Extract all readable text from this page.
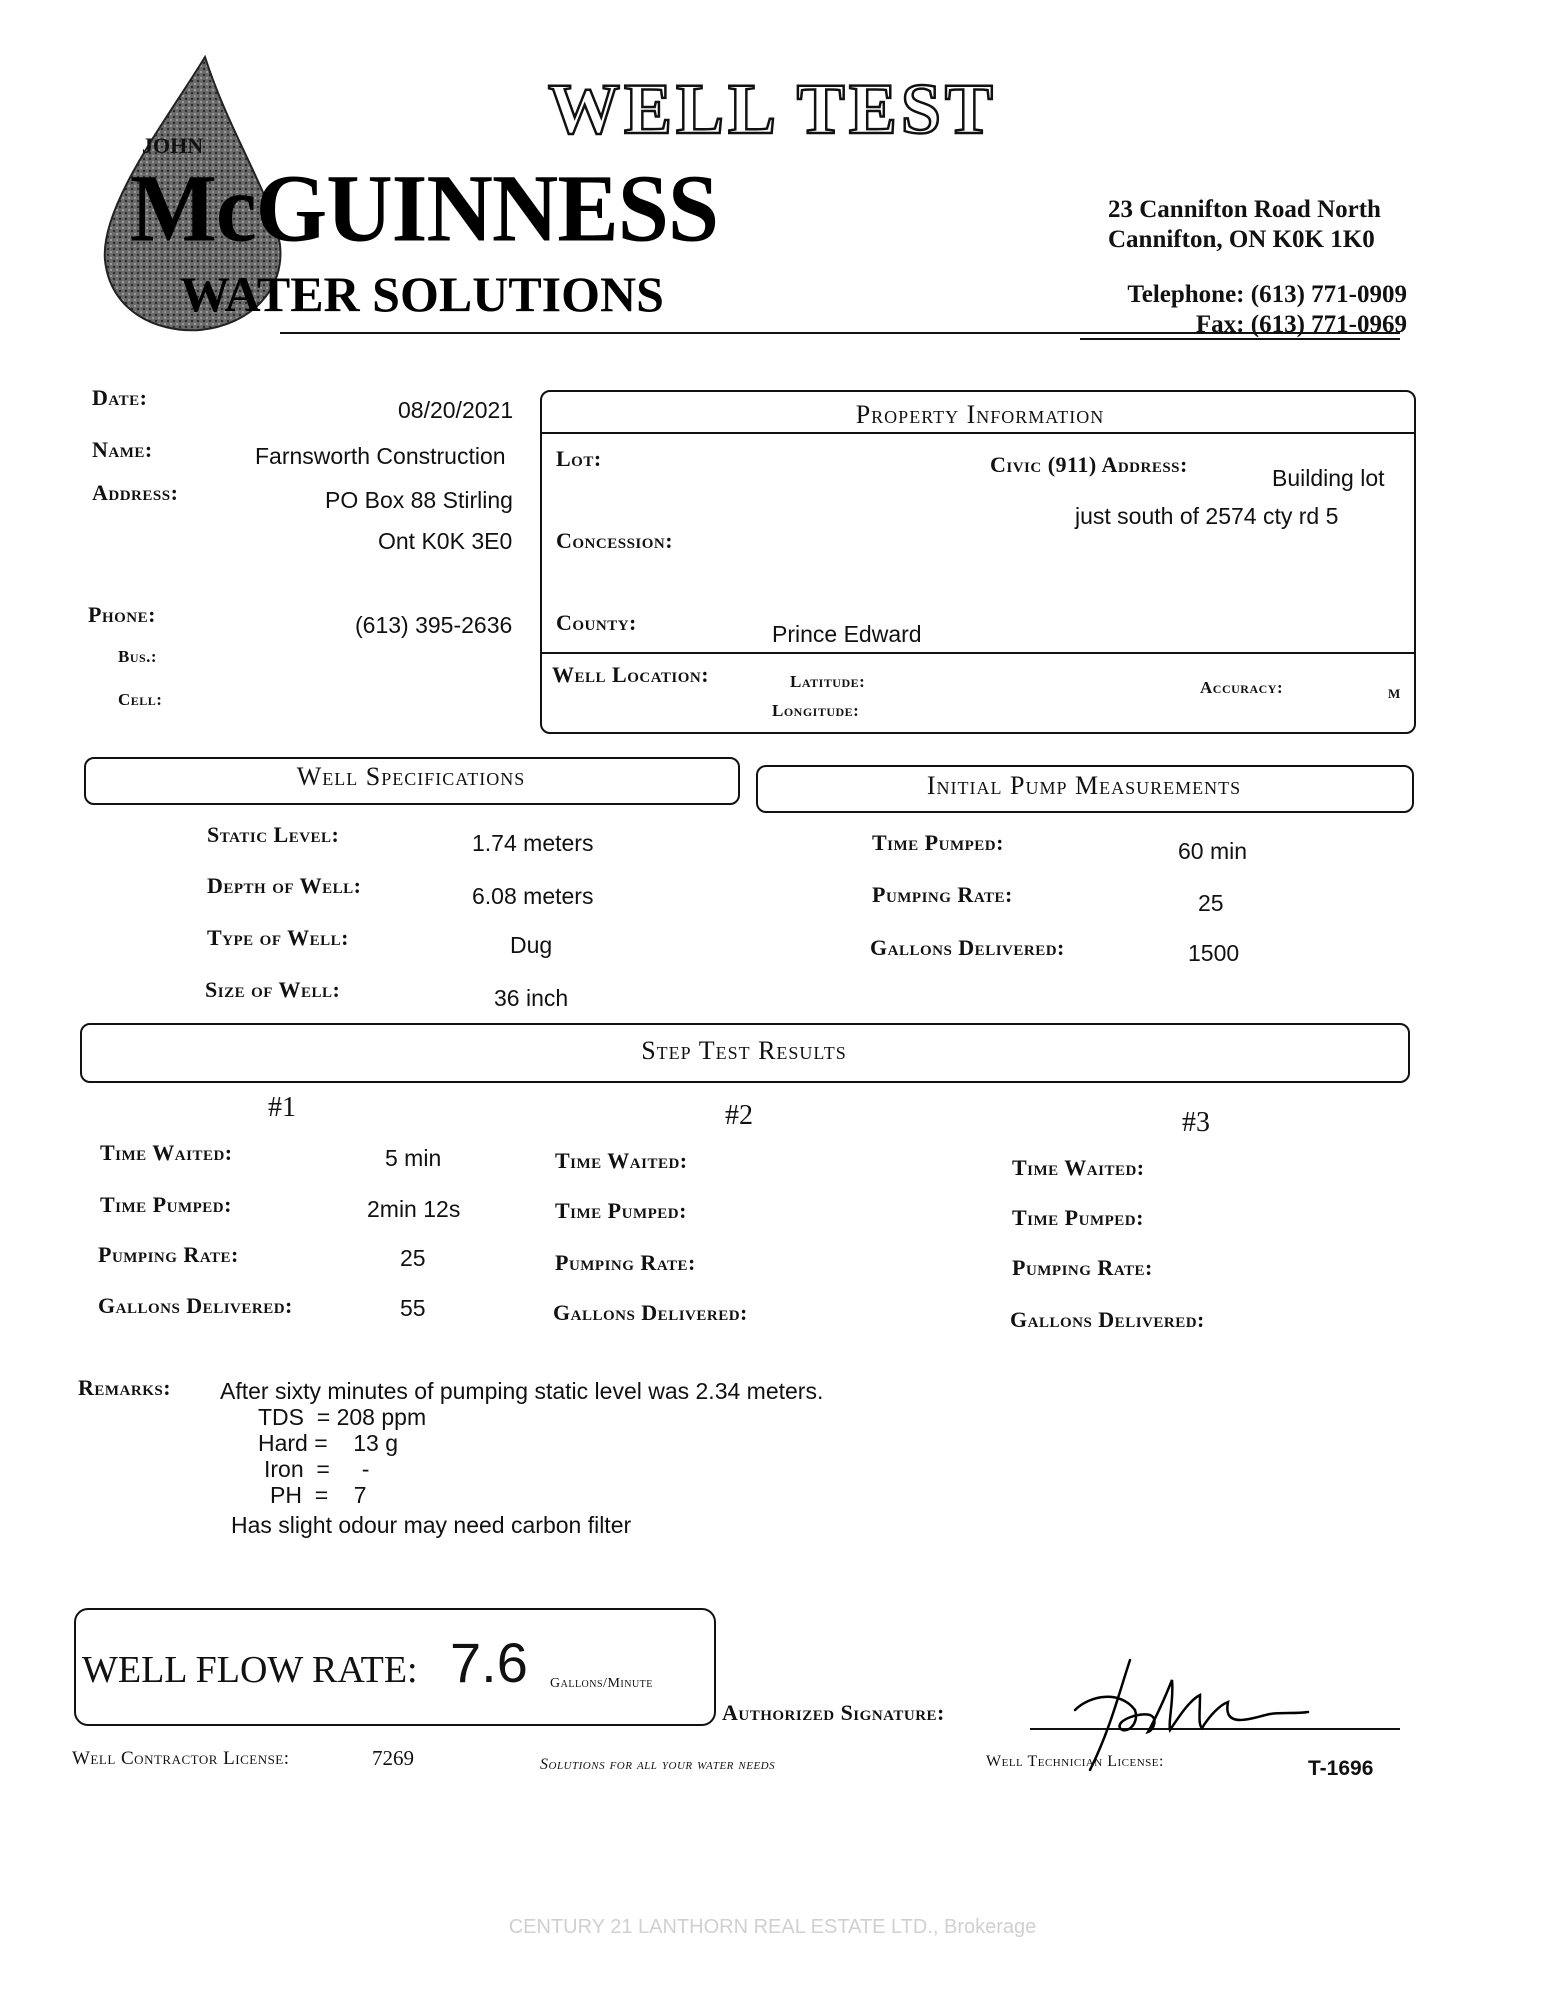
WELL TEST
JOHN
McGUINNESS
WATER SOLUTIONS
23 Cannifton Road North
Cannifton, ON K0K 1K0
Telephone: (613) 771-0909
Fax: (613) 771-0969
Date:	08/20/2021
Name:	Farnsworth Construction
Address:	PO Box 88 Stirling
Ont K0K 3E0
Phone:	(613) 395-2636
Bus.:
Cell:
Property Information
Lot:	Civic (911) Address:
Building lot
just south of 2574 cty rd 5
Concession:
County:	Prince Edward
Well Location:	Latitude:
Longitude:
Accuracy:	M
Well Specifications
Static Level:	1.74 meters
Depth of Well:	6.08 meters
Type of Well:	Dug
Size of Well:	36 inch
Initial Pump Measurements
Time Pumped:	60 min
Pumping Rate:	25
Gallons Delivered:	1500
Step Test Results
#1
Time Waited:	5 min
Time Pumped:	2min 12s
Pumping Rate:	25
Gallons Delivered:	55
#2
Time Waited:
Time Pumped:
Pumping Rate:
Gallons Delivered:
#3
Time Waited:
Time Pumped:
Pumping Rate:
Gallons Delivered:
Remarks: After sixty minutes of pumping static level was 2.34 meters.
TDS  = 208 ppm
Hard =    13 g
Iron  =     -
PH  =    7
Has slight odour may need carbon filter
WELL FLOW RATE: 7.6 Gallons/Minute
Authorized Signature:
Well Contractor License:	7269	Solutions for all your water needs	Well Technician License:	T-1696
CENTURY 21 LANTHORN REAL ESTATE LTD., Brokerage
